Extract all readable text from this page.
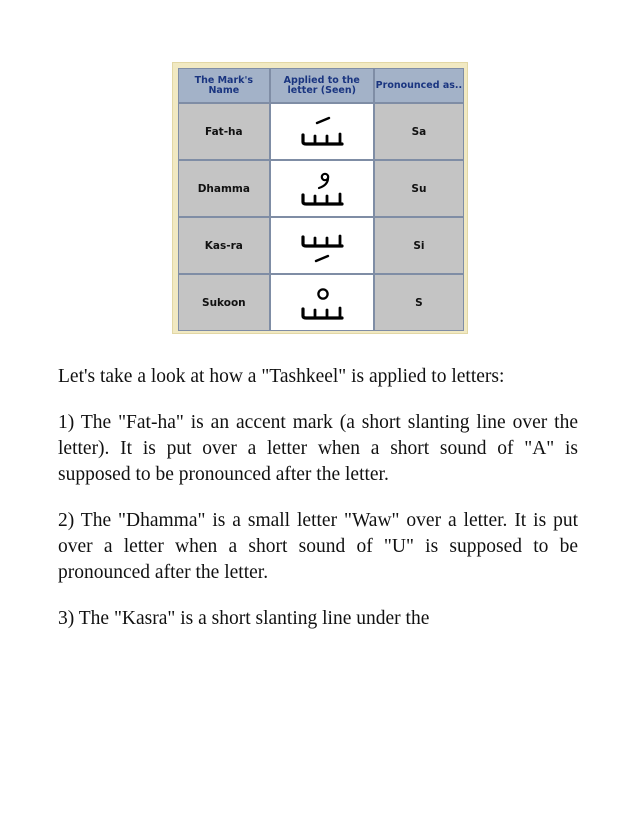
The Mark's Name	Applied to the letter (Seen)	Pronounced as..
Fat-ha		Sa
Dhamma		Su
Kas-ra		Si
Sukoon		S

Let's take a look at how a "Tashkeel" is applied to letters:

1) The "Fat-ha" is an accent mark (a short slanting line over the letter). It is put over a letter when a short sound of "A" is supposed to be pronounced after the letter.

2) The "Dhamma" is a small letter "Waw" over a letter. It is put over a letter when a short sound of "U" is supposed to be pronounced after the letter.

3) The "Kasra" is a short slanting line under the
